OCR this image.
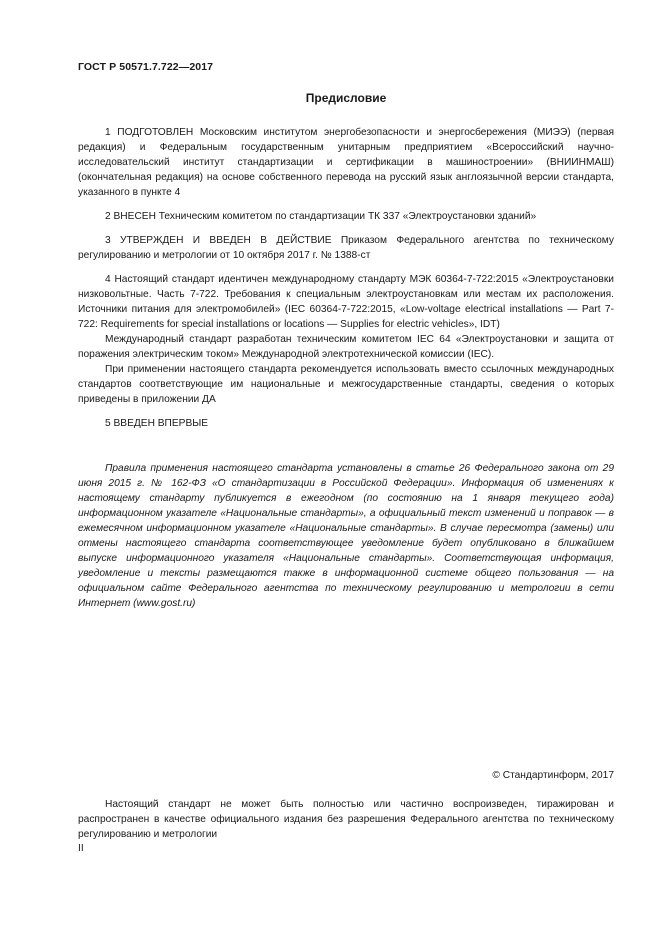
ГОСТ Р 50571.7.722—2017
Предисловие

1 ПОДГОТОВЛЕН Московским институтом энергобезопасности и энергосбережения (МИЭЭ) (первая редакция) и Федеральным государственным унитарным предприятием «Всероссийский научно-исследовательский институт стандартизации и сертификации в машиностроении» (ВНИИНМАШ) (окончательная редакция) на основе собственного перевода на русский язык англоязычной версии стандарта, указанного в пункте 4

2 ВНЕСЕН Техническим комитетом по стандартизации ТК 337 «Электроустановки зданий»

3 УТВЕРЖДЕН И ВВЕДЕН В ДЕЙСТВИЕ Приказом Федерального агентства по техническому регулированию и метрологии от 10 октября 2017 г. № 1388-ст

4 Настоящий стандарт идентичен международному стандарту МЭК 60364-7-722:2015 «Электроустановки низковольтные. Часть 7-722. Требования к специальным электроустановкам или местам их расположения. Источники питания для электромобилей» (IEC 60364-7-722:2015, «Low-voltage electrical installations — Part 7-722: Requirements for special installations or locations — Supplies for electric vehicles», IDT)

Международный стандарт разработан техническим комитетом IEC 64 «Электроустановки и защита от поражения электрическим током» Международной электротехнической комиссии (IEC).

При применении настоящего стандарта рекомендуется использовать вместо ссылочных международных стандартов соответствующие им национальные и межгосударственные стандарты, сведения о которых приведены в приложении ДА

5 ВВЕДЕН ВПЕРВЫЕ

Правила применения настоящего стандарта установлены в статье 26 Федерального закона от 29 июня 2015 г. № 162-ФЗ «О стандартизации в Российской Федерации». Информация об изменениях к настоящему стандарту публикуется в ежегодном (по состоянию на 1 января текущего года) информационном указателе «Национальные стандарты», а официальный текст изменений и поправок — в ежемесячном информационном указателе «Национальные стандарты». В случае пересмотра (замены) или отмены настоящего стандарта соответствующее уведомление будет опубликовано в ближайшем выпуске информационного указателя «Национальные стандарты». Соответствующая информация, уведомление и тексты размещаются также в информационной системе общего пользования — на официальном сайте Федерального агентства по техническому регулированию и метрологии в сети Интернет (www.gost.ru)

© Стандартинформ, 2017

Настоящий стандарт не может быть полностью или частично воспроизведен, тиражирован и распространен в качестве официального издания без разрешения Федерального агентства по техническому регулированию и метрологии

II
